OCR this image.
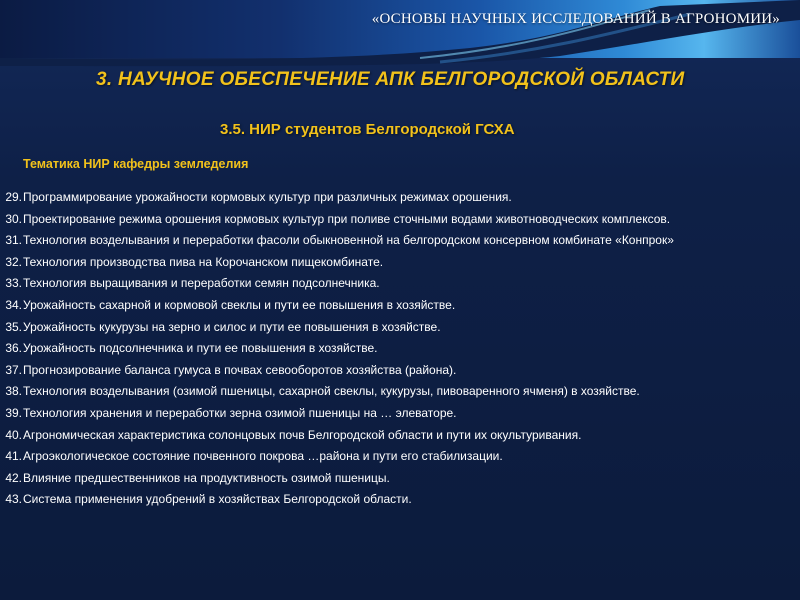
«ОСНОВЫ НАУЧНЫХ ИССЛЕДОВАНИЙ В АГРОНОМИИ»
3. НАУЧНОЕ ОБЕСПЕЧЕНИЕ АПК БЕЛГОРОДСКОЙ ОБЛАСТИ
3.5. НИР студентов Белгородской ГСХА
Тематика НИР кафедры земледелия
29. Программирование урожайности кормовых культур при различных режимах орошения.
30. Проектирование режима орошения кормовых культур при поливе сточными водами животноводческих комплексов.
31. Технология возделывания и переработки фасоли обыкновенной на белгородском консервном комбинате «Конпрок»
32. Технология производства пива на Корочанском пищекомбинате.
33. Технология выращивания и переработки семян подсолнечника.
34. Урожайность сахарной и кормовой свеклы и пути ее повышения в хозяйстве.
35. Урожайность кукурузы на зерно и силос и пути ее повышения в хозяйстве.
36. Урожайность подсолнечника и пути ее повышения в хозяйстве.
37. Прогнозирование баланса гумуса в почвах севооборотов хозяйства (района).
38. Технология возделывания (озимой пшеницы, сахарной свеклы, кукурузы, пивоваренного ячменя) в хозяйстве.
39. Технология хранения и переработки зерна озимой пшеницы на … элеваторе.
40. Агрономическая характеристика солонцовых почв Белгородской области и пути их окультуривания.
41. Агроэкологическое состояние почвенного покрова …района и пути его стабилизации.
42. Влияние предшественников на продуктивность озимой пшеницы.
43. Система применения удобрений в хозяйствах Белгородской области.
